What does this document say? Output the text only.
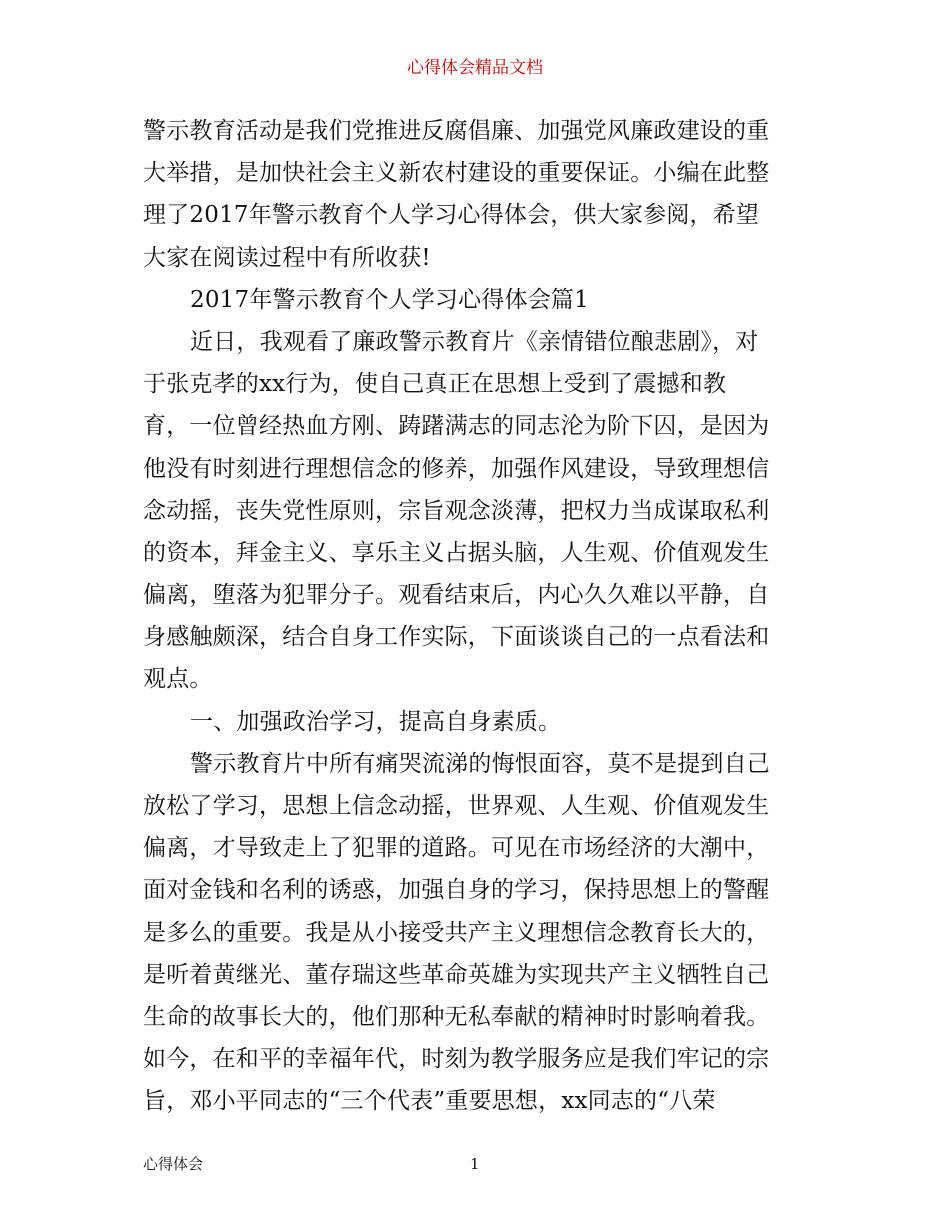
心得体会精品文档
警示教育活动是我们党推进反腐倡廉、加强党风廉政建设的重
大举措，是加快社会主义新农村建设的重要保证。小编在此整
理了2017年警示教育个人学习心得体会，供大家参阅，希望
大家在阅读过程中有所收获!
2017年警示教育个人学习心得体会篇1
近日，我观看了廉政警示教育片《亲情错位酿悲剧》，对
于张克孝的xx行为，使自己真正在思想上受到了震撼和教
育，一位曾经热血方刚、踌躇满志的同志沦为阶下囚，是因为
他没有时刻进行理想信念的修养，加强作风建设，导致理想信
念动摇，丧失党性原则，宗旨观念淡薄，把权力当成谋取私利
的资本，拜金主义、享乐主义占据头脑，人生观、价值观发生
偏离，堕落为犯罪分子。观看结束后，内心久久难以平静，自
身感触颇深，结合自身工作实际，下面谈谈自己的一点看法和
观点。
一、加强政治学习，提高自身素质。
警示教育片中所有痛哭流涕的悔恨面容，莫不是提到自己
放松了学习，思想上信念动摇，世界观、人生观、价值观发生
偏离，才导致走上了犯罪的道路。可见在市场经济的大潮中，
面对金钱和名利的诱惑，加强自身的学习，保持思想上的警醒
是多么的重要。我是从小接受共产主义理想信念教育长大的，
是听着黄继光、董存瑞这些革命英雄为实现共产主义牺牲自己
生命的故事长大的，他们那种无私奉献的精神时时影响着我。
如今，在和平的幸福年代，时刻为教学服务应是我们牢记的宗
旨，邓小平同志的“三个代表”重要思想，xx同志的“八荣
心得体会	1
